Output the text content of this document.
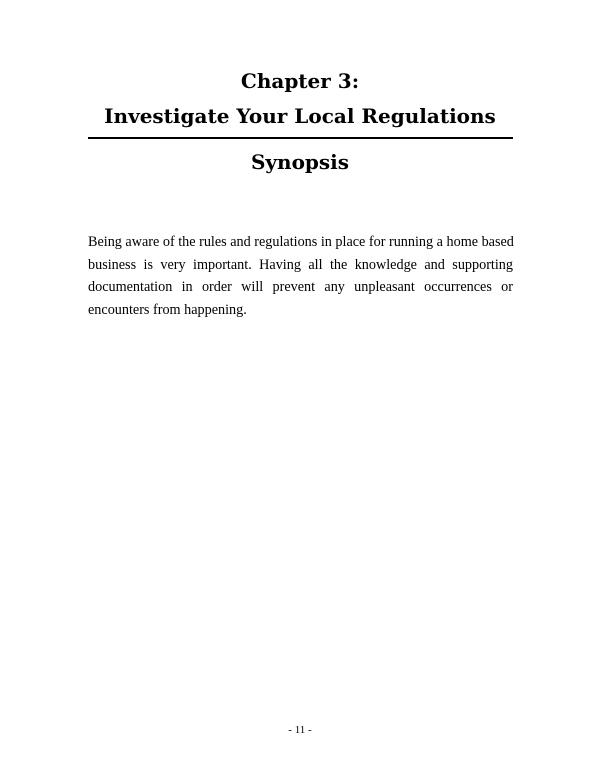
Chapter 3:
Investigate Your Local Regulations
Synopsis
Being aware of the rules and regulations in place for running a home based
business is very important. Having all the knowledge and supporting
documentation in order will prevent any unpleasant occurrences or
encounters from happening.
- 11 -
